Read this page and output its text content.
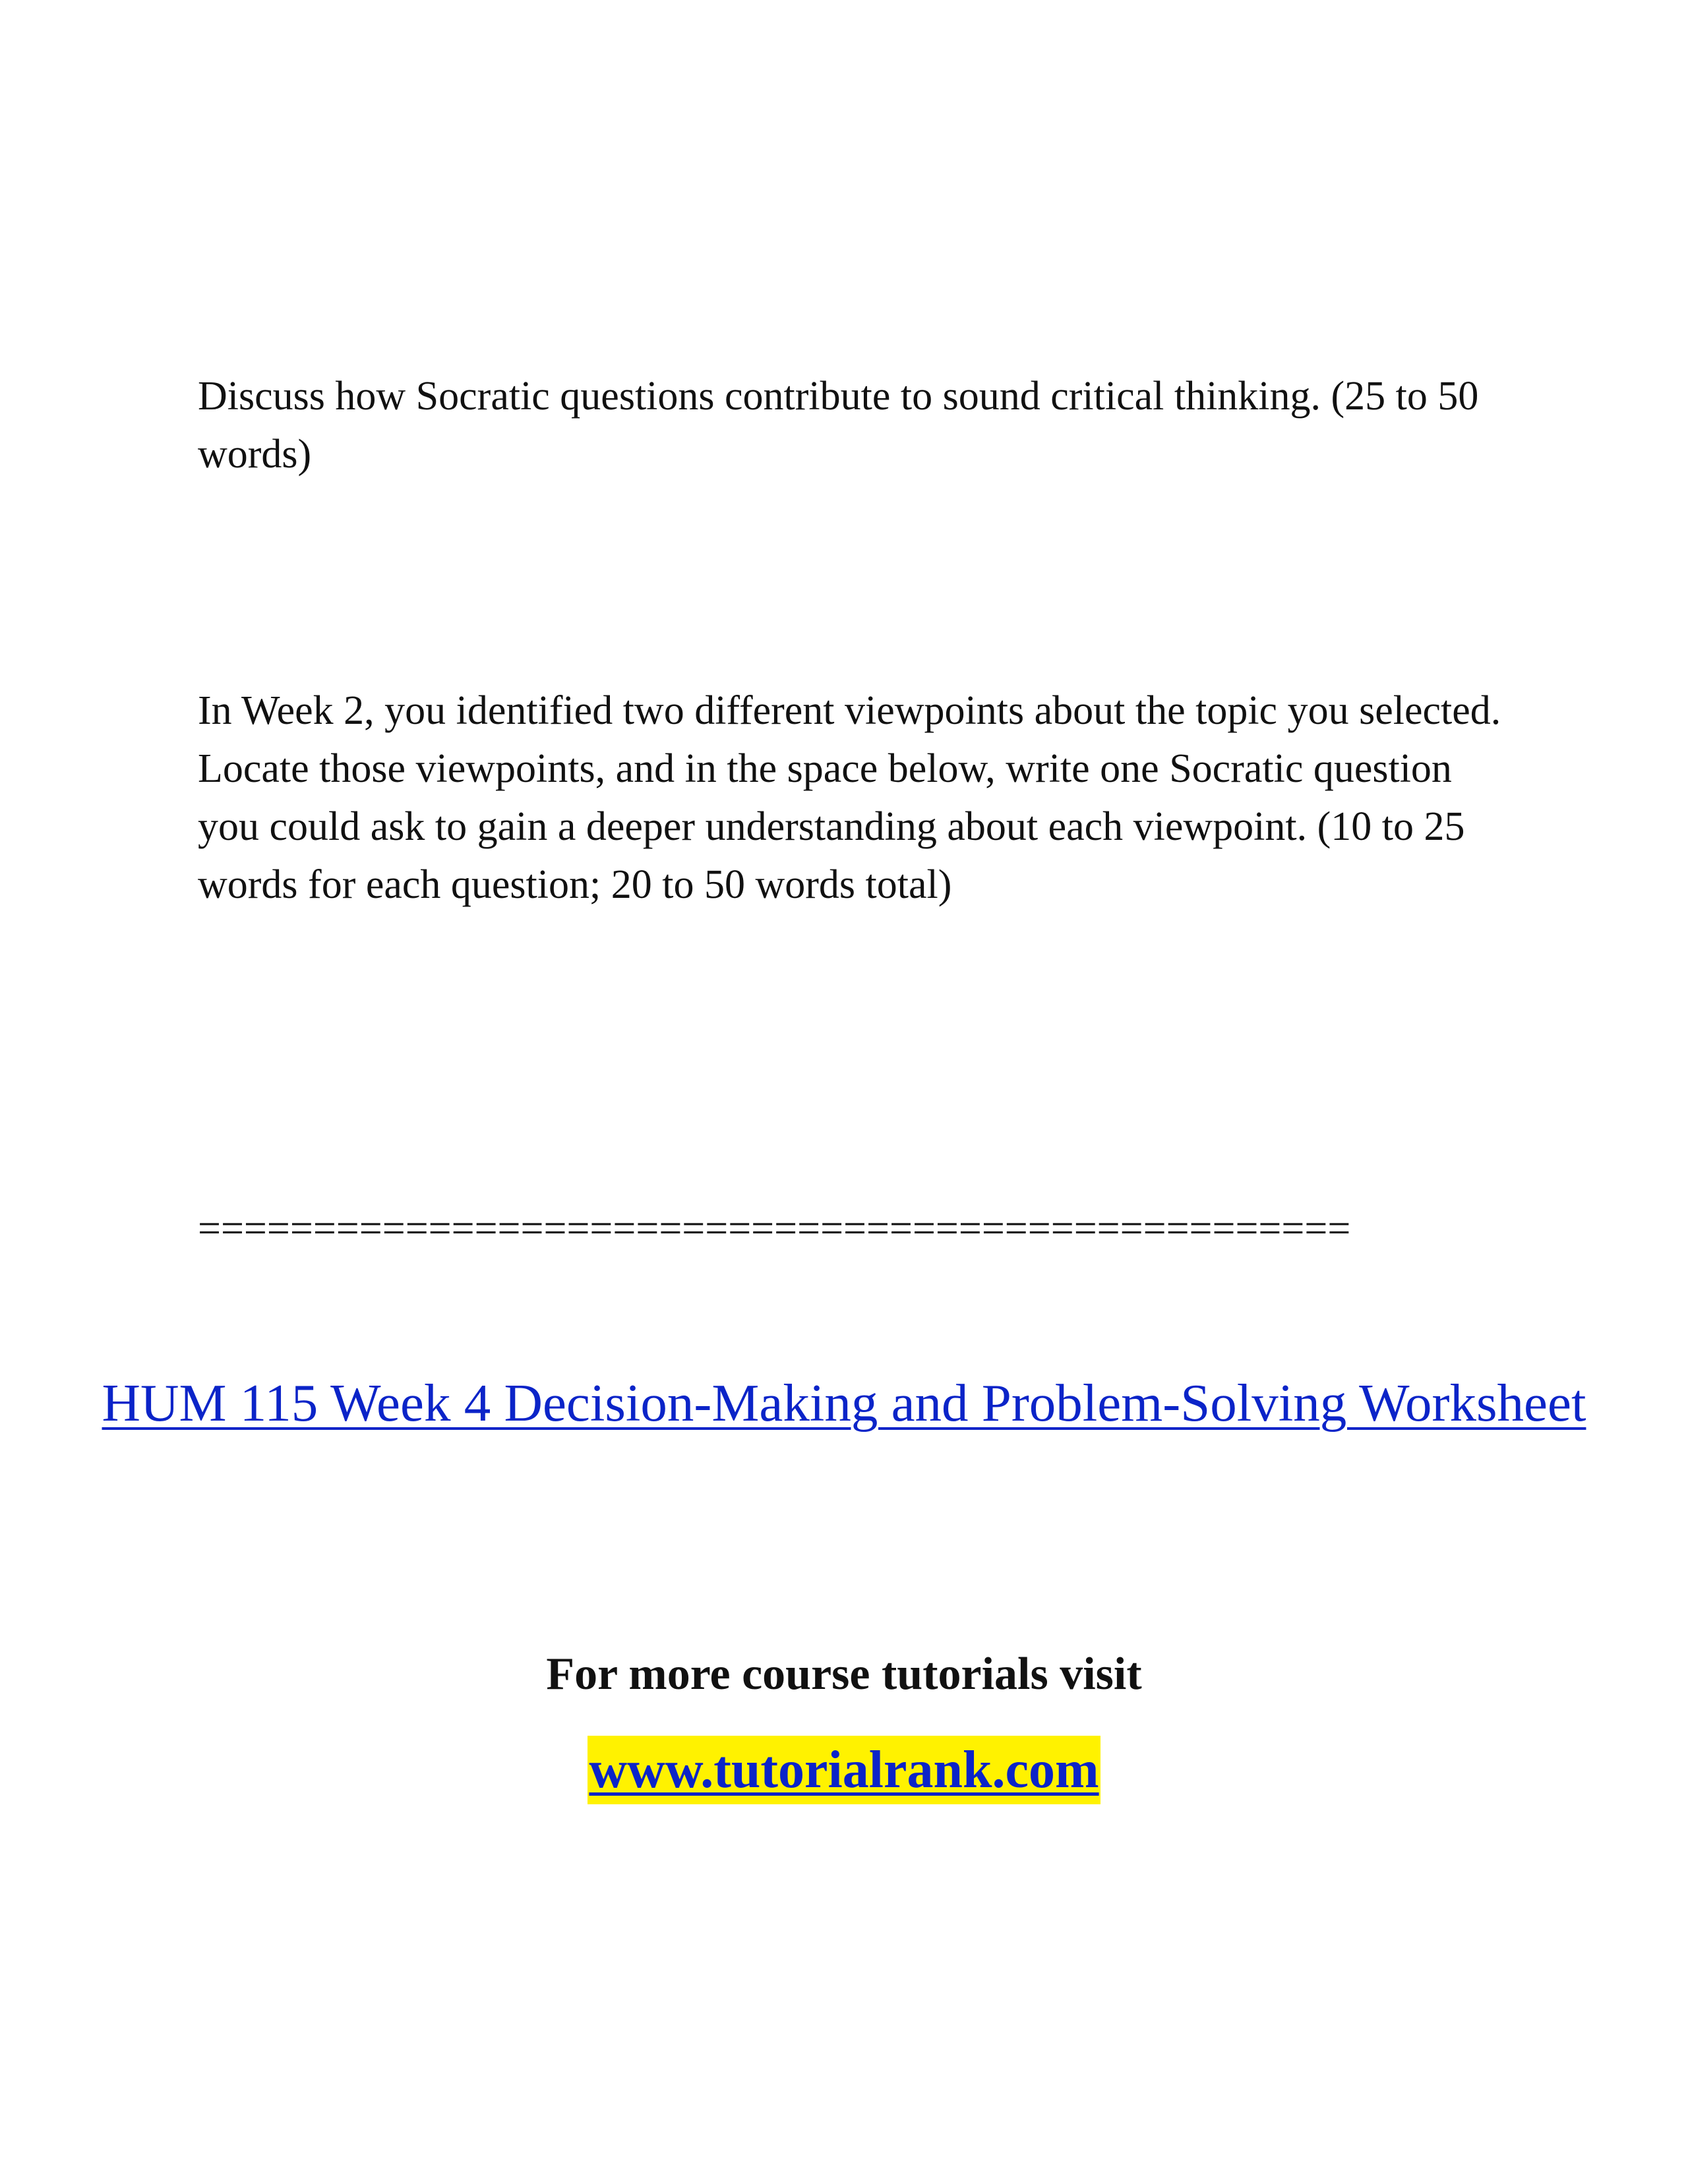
Discuss how Socratic questions contribute to sound critical thinking. (25 to 50 words)

In Week 2, you identified two different viewpoints about the topic you selected. Locate those viewpoints, and in the space below, write one Socratic question you could ask to gain a deeper understanding about each viewpoint. (10 to 25 words for each question; 20 to 50 words total)

==================================================

HUM 115 Week 4 Decision-Making and Problem-Solving Worksheet
For more course tutorials visit
www.tutorialrank.com
